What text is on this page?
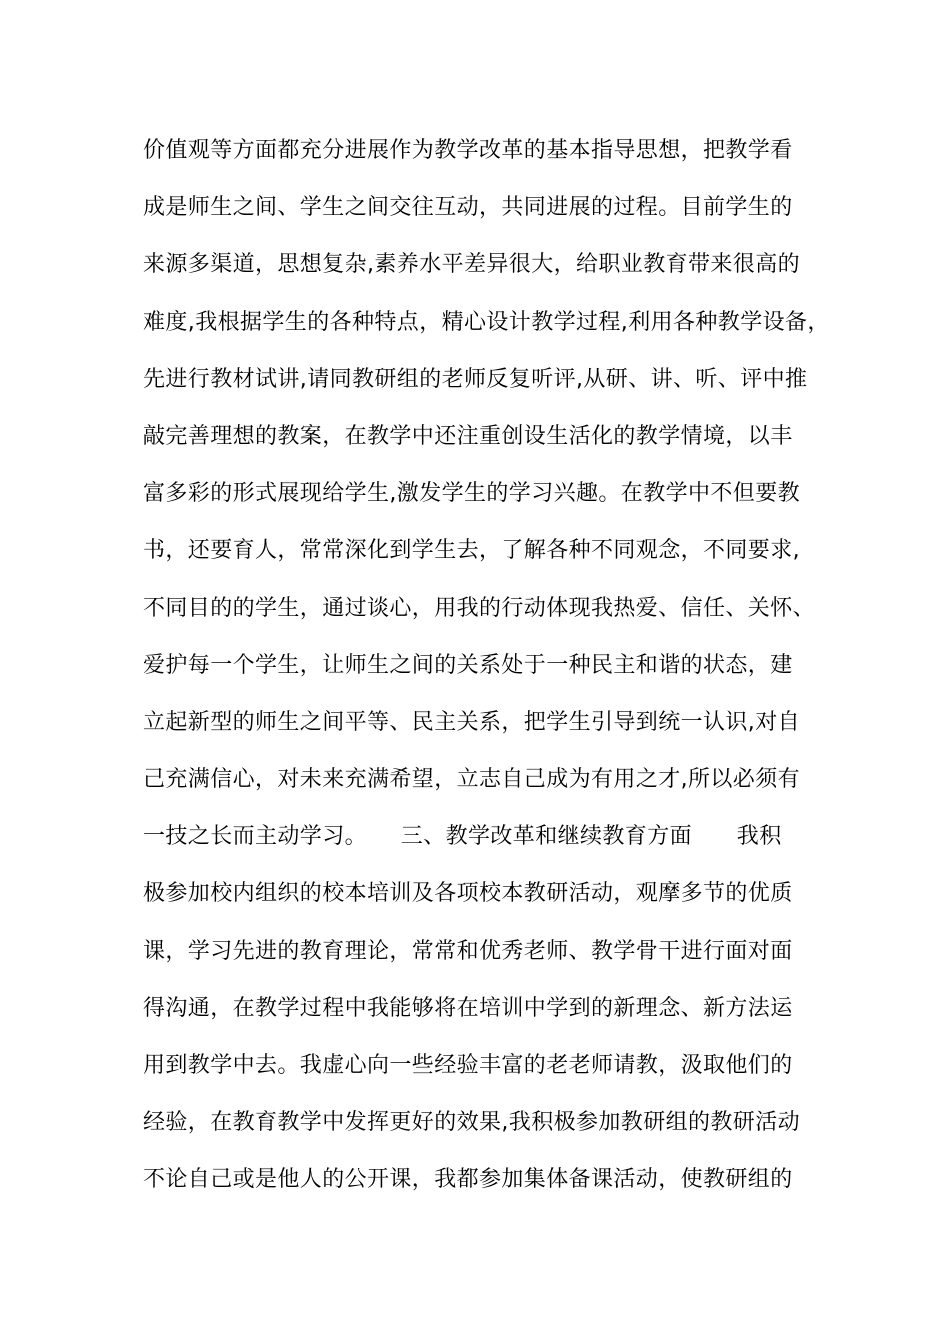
价值观等方面都充分进展作为教学改革的基本指导思想，把教学看
成是师生之间、学生之间交往互动，共同进展的过程。目前学生的
来源多渠道，思想复杂,素养水平差异很大，给职业教育带来很高的
难度,我根据学生的各种特点，精心设计教学过程,利用各种教学设备，
先进行教材试讲,请同教研组的老师反复听评,从研、讲、听、评中推
敲完善理想的教案，在教学中还注重创设生活化的教学情境，以丰
富多彩的形式展现给学生,激发学生的学习兴趣。在教学中不但要教
书，还要育人，常常深化到学生去，了解各种不同观念，不同要求,
不同目的的学生，通过谈心，用我的行动体现我热爱、信任、关怀、
爱护每一个学生，让师生之间的关系处于一种民主和谐的状态，建
立起新型的师生之间平等、民主关系，把学生引导到统一认识,对自
己充满信心，对未来充满希望，立志自己成为有用之才,所以必须有
一技之长而主动学习。　　三、教学改革和继续教育方面　　我积
极参加校内组织的校本培训及各项校本教研活动，观摩多节的优质
课，学习先进的教育理论，常常和优秀老师、教学骨干进行面对面
得沟通，在教学过程中我能够将在培训中学到的新理念、新方法运
用到教学中去。我虚心向一些经验丰富的老老师请教，汲取他们的
经验，在教育教学中发挥更好的效果,我积极参加教研组的教研活动
不论自己或是他人的公开课，我都参加集体备课活动，使教研组的
